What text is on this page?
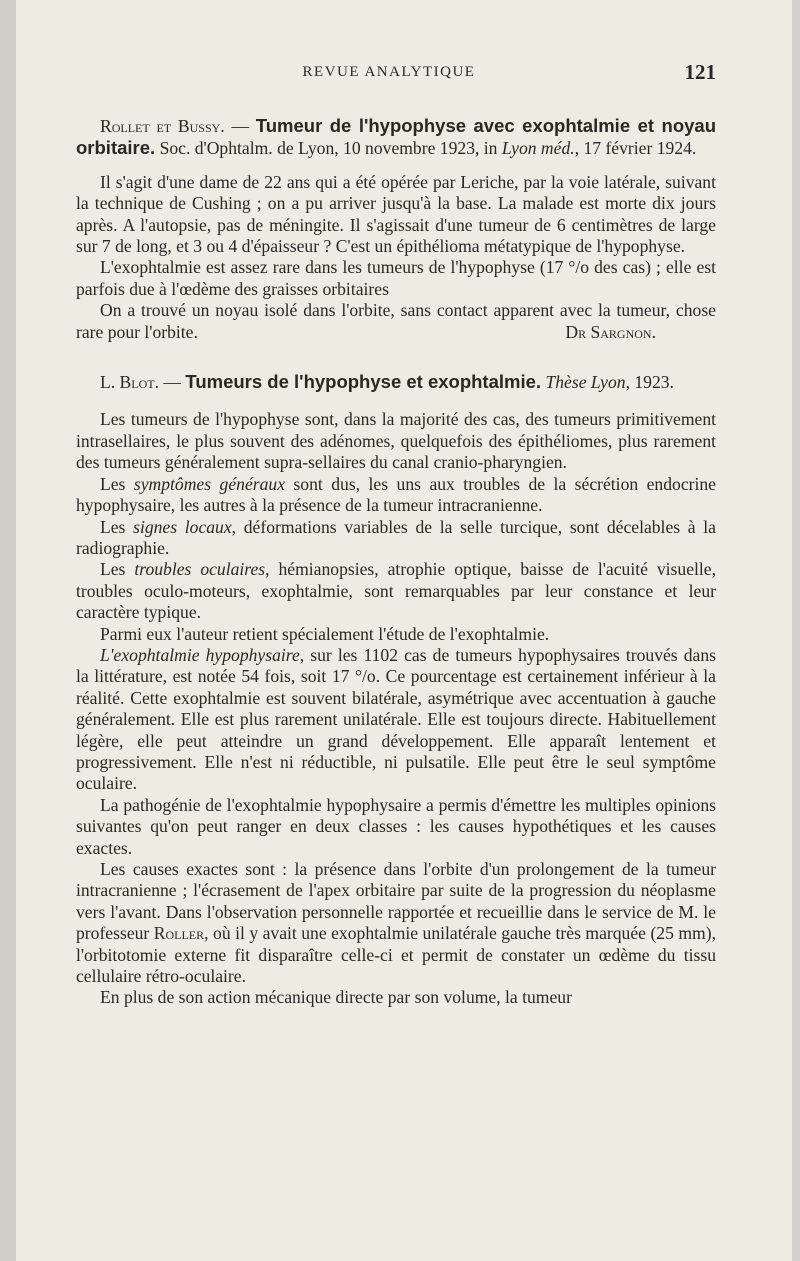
REVUE ANALYTIQUE	121

Rollet et Bussy. — Tumeur de l'hypophyse avec exophtalmie et noyau orbitaire. Soc. d'Ophtalm. de Lyon, 10 novembre 1923, in Lyon méd., 17 février 1924.

Il s'agit d'une dame de 22 ans qui a été opérée par Leriche, par la voie latérale, suivant la technique de Cushing ; on a pu arriver jusqu'à la base. La malade est morte dix jours après. A l'autopsie, pas de méningite. Il s'agissait d'une tumeur de 6 centimètres de large sur 7 de long, et 3 ou 4 d'épaisseur ? C'est un épithélioma métatypique de l'hypophyse.

L'exophtalmie est assez rare dans les tumeurs de l'hypophyse (17 °/o des cas) ; elle est parfois due à l'œdème des graisses orbitaires

On a trouvé un noyau isolé dans l'orbite, sans contact apparent avec la tumeur, chose rare pour l'orbite.	Dr Sargnon.

L. Blot. — Tumeurs de l'hypophyse et exophtalmie. Thèse Lyon, 1923.

Les tumeurs de l'hypophyse sont, dans la majorité des cas, des tumeurs primitivement intrasellaires, le plus souvent des adénomes, quelquefois des épithéliomes, plus rarement des tumeurs généralement supra-sellaires du canal cranio-pharyngien.

Les symptômes généraux sont dus, les uns aux troubles de la sécrétion endocrine hypophysaire, les autres à la présence de la tumeur intracranienne.

Les signes locaux, déformations variables de la selle turcique, sont décelables à la radiographie.

Les troubles oculaires, hémianopsies, atrophie optique, baisse de l'acuité visuelle, troubles oculo-moteurs, exophtalmie, sont remarquables par leur constance et leur caractère typique.

Parmi eux l'auteur retient spécialement l'étude de l'exophtalmie.

L'exophtalmie hypophysaire, sur les 1102 cas de tumeurs hypophysaires trouvés dans la littérature, est notée 54 fois, soit 17 °/o. Ce pourcentage est certainement inférieur à la réalité. Cette exophtalmie est souvent bilatérale, asymétrique avec accentuation à gauche généralement. Elle est plus rarement unilatérale. Elle est toujours directe. Habituellement légère, elle peut atteindre un grand développement. Elle apparaît lentement et progressivement. Elle n'est ni réductible, ni pulsatile. Elle peut être le seul symptôme oculaire.

La pathogénie de l'exophtalmie hypophysaire a permis d'émettre les multiples opinions suivantes qu'on peut ranger en deux classes : les causes hypothétiques et les causes exactes.

Les causes exactes sont : la présence dans l'orbite d'un prolongement de la tumeur intracranienne ; l'écrasement de l'apex orbitaire par suite de la progression du néoplasme vers l'avant. Dans l'observation personnelle rapportée et recueillie dans le service de M. le professeur Roller, où il y avait une exophtalmie unilatérale gauche très marquée (25 mm), l'orbitotomie externe fit disparaître celle-ci et permit de constater un œdème du tissu cellulaire rétro-oculaire.

En plus de son action mécanique directe par son volume, la tumeur
